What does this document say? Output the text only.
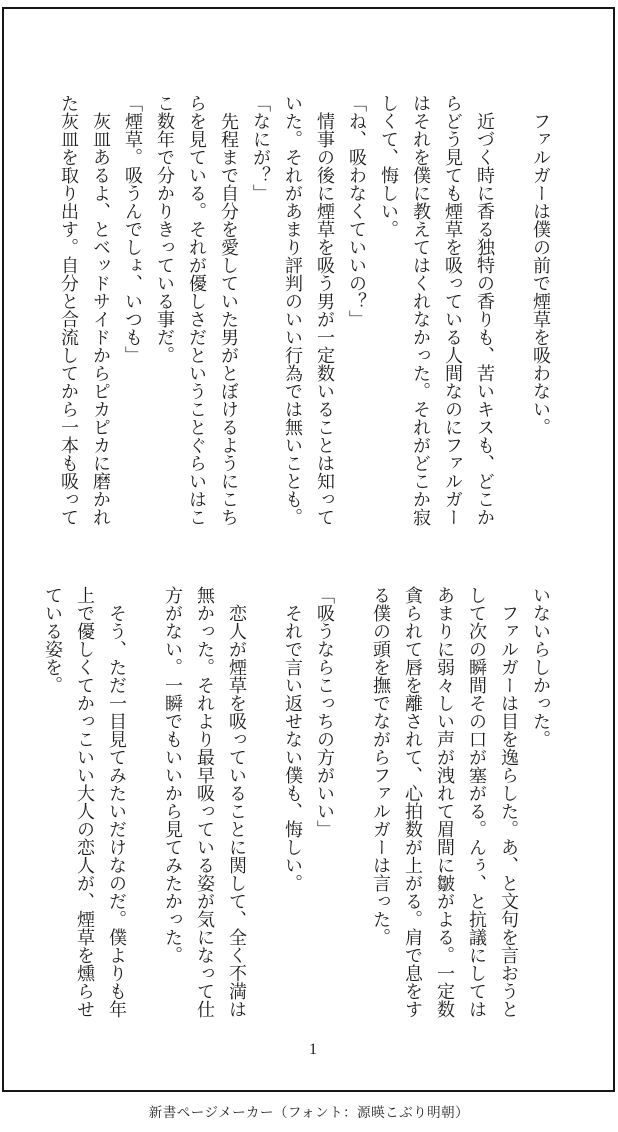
ファルガーは僕の前で煙草を吸わない。

近づく時に香る独特の香りも、苦いキスも、どこからどう見ても煙草を吸っている人間なのにファルガーはそれを僕に教えてはくれなかった。それがどこか寂しくて、悔しい。

「ね、吸わなくていいの？」

情事の後に煙草を吸う男が一定数いることは知っていた。それがあまり評判のいい行為では無いことも。

「なにが？」

先程まで自分を愛していた男がとぼけるようにこちらを見ている。それが優しさだということぐらいはここ数年で分かりきっている事だ。

「煙草。吸うんでしょ、いつも」

灰皿あるよ、とベッドサイドからピカピカに磨かれた灰皿を取り出す。自分と合流してから一本も吸って

いないらしかった。

ファルガーは目を逸らした。あ、と文句を言おうとして次の瞬間その口が塞がる。んぅ、と抗議にしてはあまりに弱々しい声が洩れて眉間に皺がよる。一定数貪られて唇を離されて、心拍数が上がる。肩で息をする僕の頭を撫でながらファルガーは言った。

「吸うならこっちの方がいい」

それで言い返せない僕も、悔しい。

恋人が煙草を吸っていることに関して、全く不満は無かった。それより最早吸っている姿が気になって仕方がない。一瞬でもいいから見てみたかった。

そう、ただ一目見てみたいだけなのだ。僕よりも年上で優しくてかっこいい大人の恋人が、煙草を燻らせている姿を。

1
新書ページメーカー（フォント：源暎こぶり明朝）
